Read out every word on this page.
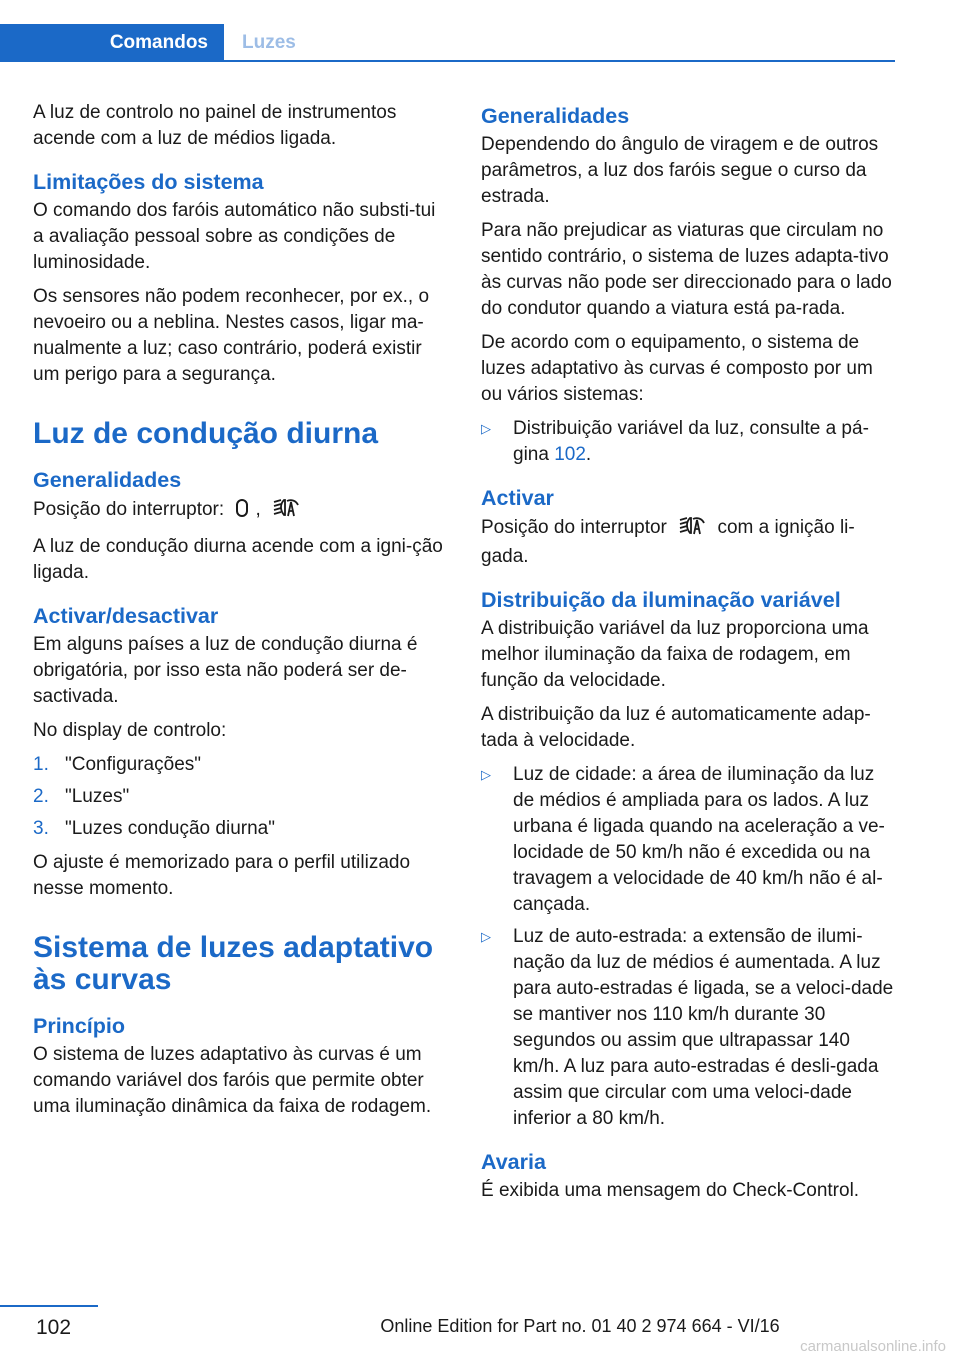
Comandos	Luzes

A luz de controlo no painel de instrumentos acende com a luz de médios ligada.

Limitações do sistema

O comando dos faróis automático não substi‐tui a avaliação pessoal sobre as condições de luminosidade.

Os sensores não podem reconhecer, por ex., o nevoeiro ou a neblina. Nestes casos, ligar ma‐nualmente a luz; caso contrário, poderá existir um perigo para a segurança.

Luz de condução diurna
Generalidades

Posição do interruptor: ,

A luz de condução diurna acende com a igni‐ção ligada.

Activar/desactivar

Em alguns países a luz de condução diurna é obrigatória, por isso esta não poderá ser de‐sactivada.

No display de controlo:

1. "Configurações"
2. "Luzes"
3. "Luzes condução diurna"

O ajuste é memorizado para o perfil utilizado nesse momento.

Sistema de luzes adaptativo às curvas
Princípio

O sistema de luzes adaptativo às curvas é um comando variável dos faróis que permite obter uma iluminação dinâmica da faixa de rodagem.

Generalidades

Dependendo do ângulo de viragem e de outros parâmetros, a luz dos faróis segue o curso da estrada.

Para não prejudicar as viaturas que circulam no sentido contrário, o sistema de luzes adapta‐tivo às curvas não pode ser direccionado para o lado do condutor quando a viatura está pa‐rada.

De acordo com o equipamento, o sistema de luzes adaptativo às curvas é composto por um ou vários sistemas:

▷ Distribuição variável da luz, consulte a pá‐gina 102.
Activar

Posição do interruptor	com a ignição li‐gada.

Distribuição da iluminação variável

A distribuição variável da luz proporciona uma melhor iluminação da faixa de rodagem, em função da velocidade.

A distribuição da luz é automaticamente adap‐tada à velocidade.

▷ Luz de cidade: a área de iluminação da luz de médios é ampliada para os lados. A luz urbana é ligada quando na aceleração a ve‐locidade de 50 km/h não é excedida ou na travagem a velocidade de 40 km/h não é al‐cançada.
▷ Luz de auto-estrada: a extensão de ilumi‐nação da luz de médios é aumentada. A luz para auto-estradas é ligada, se a veloci‐dade se mantiver nos 110 km/h durante 30 segundos ou assim que ultrapassar 140 km/h. A luz para auto-estradas é desli‐gada assim que circular com uma veloci‐dade inferior a 80 km/h.
Avaria

É exibida uma mensagem do Check-Control.

102	Online Edition for Part no. 01 40 2 974 664 - VI/16
carmanualsonline.info
